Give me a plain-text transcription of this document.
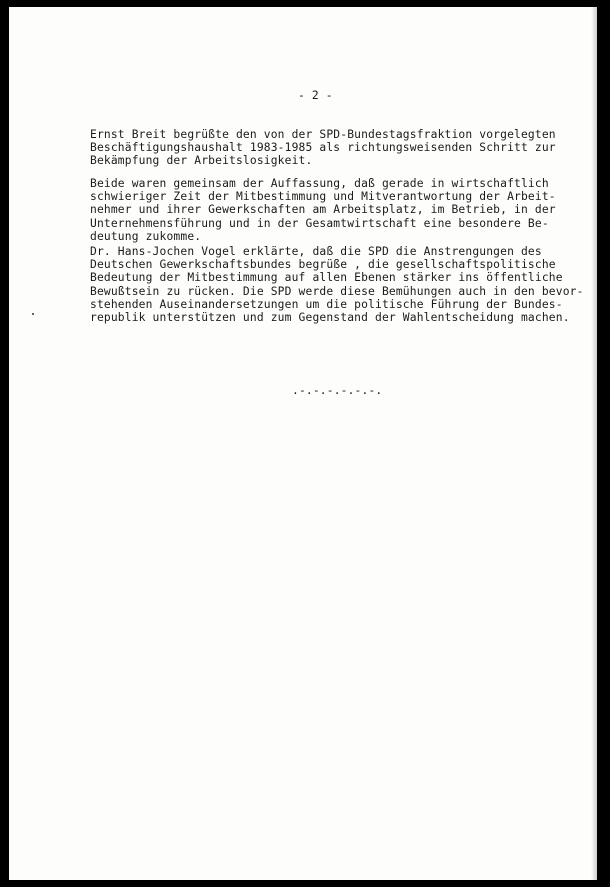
- 2 -
Ernst Breit begrüßte den von der SPD-Bundestagsfraktion vorgelegten
Beschäftigungshaushalt 1983-1985 als richtungsweisenden Schritt zur
Bekämpfung der Arbeitslosigkeit.
Beide waren gemeinsam der Auffassung, daß gerade in wirtschaftlich
schwieriger Zeit der Mitbestimmung und Mitverantwortung der Arbeit-
nehmer und ihrer Gewerkschaften am Arbeitsplatz, im Betrieb, in der
Unternehmensführung und in der Gesamtwirtschaft eine besondere Be-
deutung zukomme.
Dr. Hans-Jochen Vogel erklärte, daß die SPD die Anstrengungen des
Deutschen Gewerkschaftsbundes begrüße , die gesellschaftspolitische
Bedeutung der Mitbestimmung auf allen Ebenen stärker ins öffentliche
Bewußtsein zu rücken. Die SPD werde diese Bemühungen auch in den bevor-
stehenden Auseinandersetzungen um die politische Führung der Bundes-
republik unterstützen und zum Gegenstand der Wahlentscheidung machen.
.-.-.-.-.-.-.
